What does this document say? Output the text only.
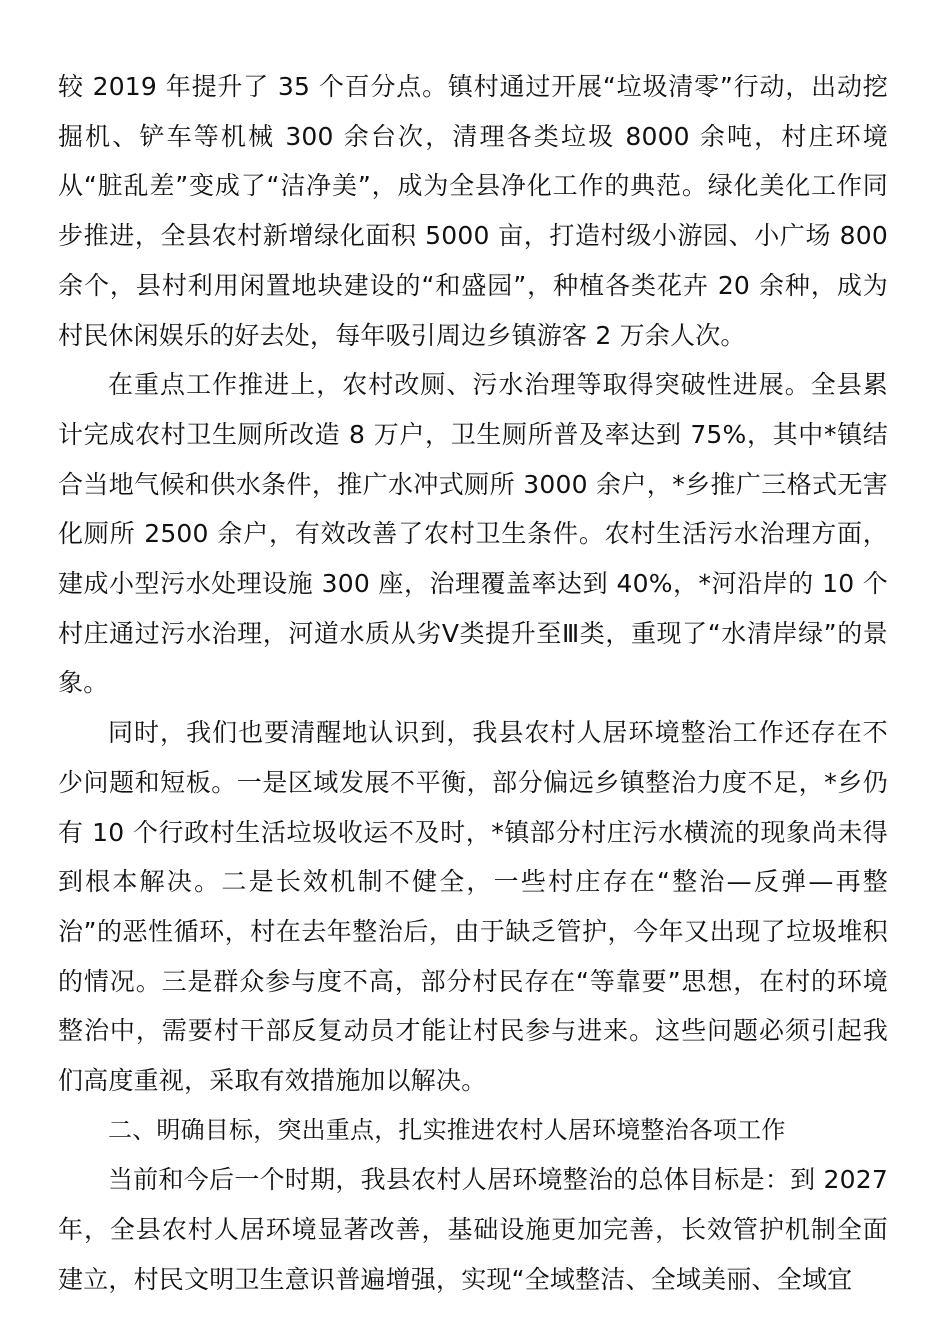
较 2019 年提升了 35 个百分点。镇村通过开展“垃圾清零”行动，出动挖掘机、铲车等机械 300 余台次，清理各类垃圾 8000 余吨，村庄环境从“脏乱差”变成了“洁净美”，成为全县净化工作的典范。绿化美化工作同步推进，全县农村新增绿化面积 5000 亩，打造村级小游园、小广场 800 余个，县村利用闲置地块建设的“和盛园”，种植各类花卉 20 余种，成为村民休闲娱乐的好去处，每年吸引周边乡镇游客 2 万余人次。

在重点工作推进上，农村改厕、污水治理等取得突破性进展。全县累计完成农村卫生厕所改造 8 万户，卫生厕所普及率达到 75%，其中*镇结合当地气候和供水条件，推广水冲式厕所 3000 余户，*乡推广三格式无害化厕所 2500 余户，有效改善了农村卫生条件。农村生活污水治理方面，建成小型污水处理设施 300 座，治理覆盖率达到 40%，*河沿岸的 10 个村庄通过污水治理，河道水质从劣Ⅴ类提升至Ⅲ类，重现了“水清岸绿”的景象。

同时，我们也要清醒地认识到，我县农村人居环境整治工作还存在不少问题和短板。一是区域发展不平衡，部分偏远乡镇整治力度不足，*乡仍有 10 个行政村生活垃圾收运不及时，*镇部分村庄污水横流的现象尚未得到根本解决。二是长效机制不健全，一些村庄存在“整治—反弹—再整治”的恶性循环，村在去年整治后，由于缺乏管护，今年又出现了垃圾堆积的情况。三是群众参与度不高，部分村民存在“等靠要”思想，在村的环境整治中，需要村干部反复动员才能让村民参与进来。这些问题必须引起我们高度重视，采取有效措施加以解决。

二、明确目标，突出重点，扎实推进农村人居环境整治各项工作

当前和今后一个时期，我县农村人居环境整治的总体目标是：到 2027 年，全县农村人居环境显著改善，基础设施更加完善，长效管护机制全面建立，村民文明卫生意识普遍增强，实现“全域整洁、全域美丽、全域宜
